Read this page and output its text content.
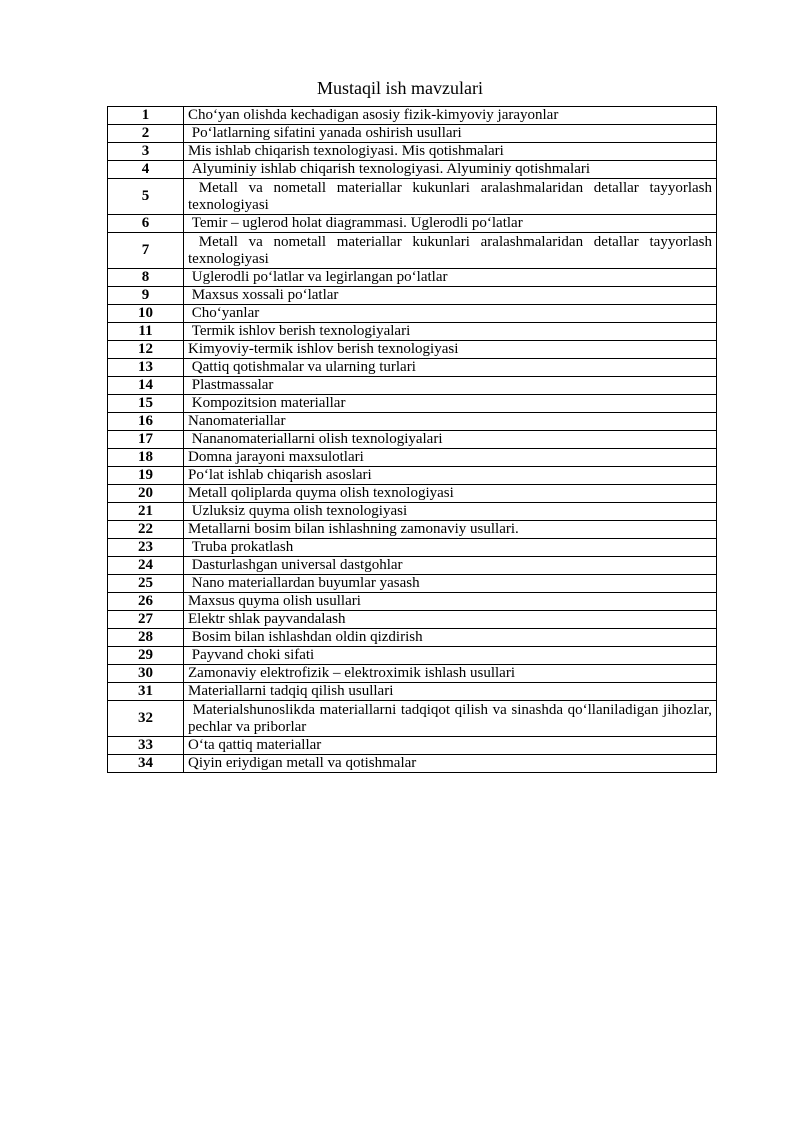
Mustaqil ish mavzulari
1	Cho‘yan olishda kechadigan asosiy fizik-kimyoviy jarayonlar
2	Po‘latlarning sifatini yanada oshirish usullari
3	Mis ishlab chiqarish texnologiyasi. Mis qotishmalari
4	Alyuminiy ishlab chiqarish texnologiyasi. Alyuminiy qotishmalari
5	Metall va nometall materiallar kukunlari aralashmalaridan detallar tayyorlash texnologiyasi
6	Temir – uglerod holat diagrammasi. Uglerodli po‘latlar
7	Metall va nometall materiallar kukunlari aralashmalaridan detallar tayyorlash texnologiyasi
8	Uglerodli po‘latlar va legirlangan po‘latlar
9	Maxsus xossali po‘latlar
10	Cho‘yanlar
11	Termik ishlov berish texnologiyalari
12	Kimyoviy-termik ishlov berish texnologiyasi
13	Qattiq qotishmalar va ularning turlari
14	Plastmassalar
15	Kompozitsion materiallar
16	Nanomateriallar
17	Nananomateriallarni olish texnologiyalari
18	Domna jarayoni maxsulotlari
19	Po‘lat ishlab chiqarish asoslari
20	Metall qoliplarda quyma olish texnologiyasi
21	Uzluksiz quyma olish texnologiyasi
22	Metallarni bosim bilan ishlashning zamonaviy usullari.
23	Truba prokatlash
24	Dasturlashgan universal dastgohlar
25	Nano materiallardan buyumlar yasash
26	Maxsus quyma olish usullari
27	Elektr shlak payvandalash
28	Bosim bilan ishlashdan oldin qizdirish
29	Payvand choki sifati
30	Zamonaviy elektrofizik – elektroximik ishlash usullari
31	Materiallarni tadqiq qilish usullari
32	Materialshunoslikda materiallarni tadqiqot qilish va sinashda qo‘llaniladigan jihozlar, pechlar va priborlar
33	O‘ta qattiq materiallar
34	Qiyin eriydigan metall va qotishmalar
